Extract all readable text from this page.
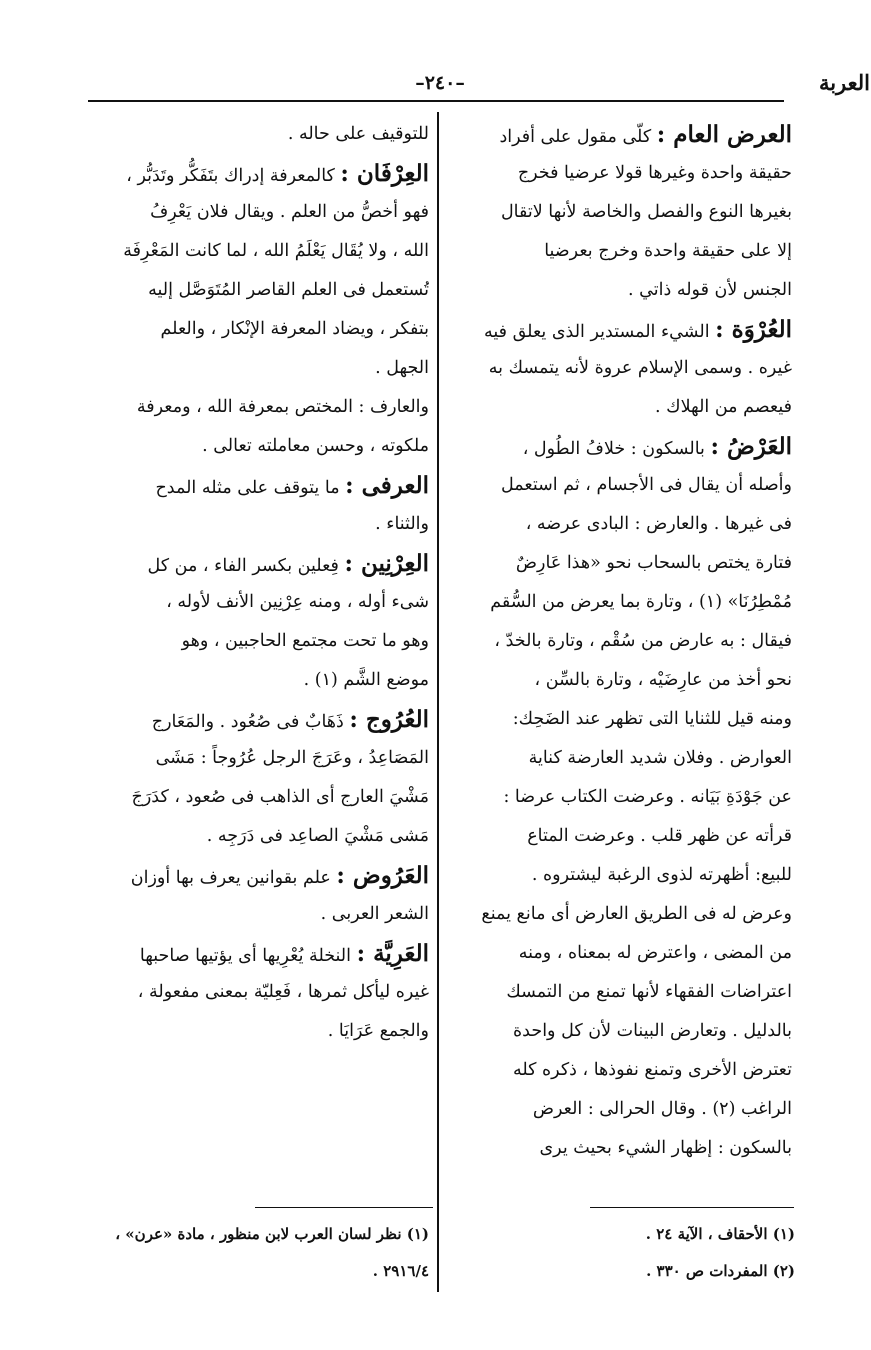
العربة
–٢٤٠–
العرض العام : كلّى مقول على أفراد
حقيقة واحدة وغيرها قولا عرضيا فخرج
بغيرها النوع والفصل والخاصة لأنها لاتقال
إلا على حقيقة واحدة وخرج بعرضيا
الجنس لأن قوله ذاتي .
العُرْوَة : الشيء المستدير الذى يعلق فيه
غيره . وسمى الإسلام عروة لأنه يتمسك به
فيعصم من الهلاك .
العَرْضُ : بالسكون : خلافُ الطُول ،
وأصله أن يقال فى الأجسام ، ثم استعمل
فى غيرها . والعارض : البادى عرضه ،
فتارة يختص بالسحاب نحو «هذا عَارِضٌ
مُمْطِرُنَا» (١) ، وتارة بما يعرض من السُّقم
فيقال : به عارض من سُقْم ، وتارة بالخدّ ،
نحو أخذ من عارِضَيْه ، وتارة بالسِّن ،
ومنه قيل للثنايا التى تظهر عند الضَحِك:
العوارض . وفلان شديد العارضة كناية
عن جَوْدَةِ بَيَانه . وعرضت الكتاب عرضا :
قرأته عن ظهر قلب . وعرضت المتاع
للبيع: أظهرته لذوى الرغبة ليشتروه .
وعرض له فى الطريق العارض أى مانع يمنع
من المضى ، واعترض له بمعناه ، ومنه
اعتراضات الفقهاء لأنها تمنع من التمسك
بالدليل . وتعارض البينات لأن كل واحدة
تعترض الأخرى وتمنع نفوذها ، ذكره كله
الراغب (٢) . وقال الحرالى : العرض
بالسكون : إظهار الشيء بحيث يرى
للتوقيف على حاله .
العِرْفَان : كالمعرفة إدراك بتَفَكُّر وتَدَبُّر ،
فهو أخصُّ من العلم . ويقال فلان يَعْرِفُ
الله ، ولا يُقَال يَعْلَمُ الله ، لما كانت المَعْرِفَة
تُستعمل فى العلم القاصر المُتَوَصَّل إليه
بتفكر ، ويضاد المعرفة الإنْكار ، والعلم
الجهل .
والعارف : المختص بمعرفة الله ، ومعرفة
ملكوته ، وحسن معاملته تعالى .
العرفى : ما يتوقف على مثله المدح
والثناء .
العِرْنِين : فِعلين بكسر الفاء ، من كل
شىء أوله ، ومنه عِرْنِين الأنف لأوله ،
وهو ما تحت مجتمع الحاجبين ، وهو
موضع الشَّم (١) .
العُرُوج : ذَهَابٌ فى صُعُود . والمَعَارج
المَصَاعِدُ ، وعَرَجَ الرجل عُرُوجاً : مَشَى
مَشْيَ العارج أى الذاهب فى صُعود ، كدَرَجَ
مَشى مَشْيَ الصاعِد فى دَرَجِه .
العَرُوض : علم بقوانين يعرف بها أوزان
الشعر العربى .
العَرِيَّة : النخلة يُعْرِيها أى يؤتيها صاحبها
غيره ليأكل ثمرها ، فَعِليّة بمعنى مفعولة ،
والجمع عَرَايَا .
(١) الأحقاف ، الآية ٢٤ .
(٢) المفردات ص ٣٣٠ .
(١) نظر لسان العرب لابن منظور ، مادة «عرن» ،
٢٩١٦/٤ .
